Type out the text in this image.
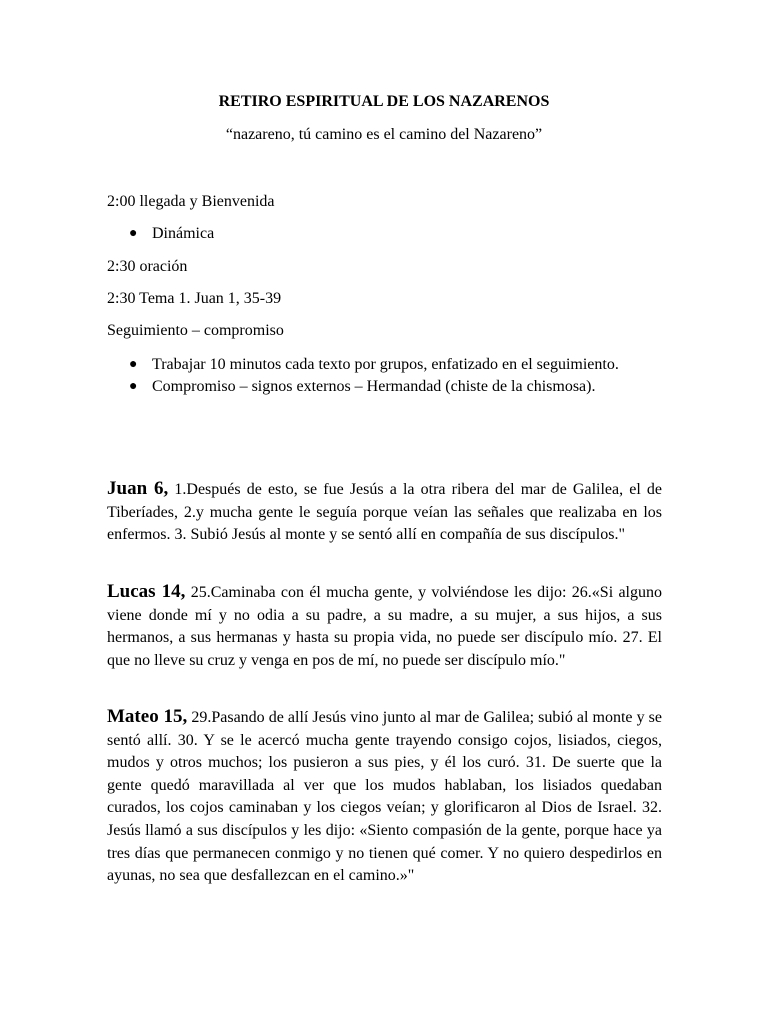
RETIRO ESPIRITUAL DE LOS NAZARENOS
“nazareno, tú camino es el camino del Nazareno”

2:00 llegada y Bienvenida

● Dinámica

2:30 oración

2:30 Tema 1. Juan 1, 35-39

Seguimiento – compromiso

● Trabajar 10 minutos cada texto por grupos, enfatizado en el seguimiento.
● Compromiso – signos externos – Hermandad (chiste de la chismosa).

Juan 6, 1.Después de esto, se fue Jesús a la otra ribera del mar de Galilea, el de Tiberíades, 2.y mucha gente le seguía porque veían las señales que realizaba en los enfermos. 3. Subió Jesús al monte y se sentó allí en compañía de sus discípulos."

Lucas 14, 25.Caminaba con él mucha gente, y volviéndose les dijo: 26.«Si alguno viene donde mí y no odia a su padre, a su madre, a su mujer, a sus hijos, a sus hermanos, a sus hermanas y hasta su propia vida, no puede ser discípulo mío. 27. El que no lleve su cruz y venga en pos de mí, no puede ser discípulo mío."

Mateo 15, 29.Pasando de allí Jesús vino junto al mar de Galilea; subió al monte y se sentó allí. 30. Y se le acercó mucha gente trayendo consigo cojos, lisiados, ciegos, mudos y otros muchos; los pusieron a sus pies, y él los curó. 31. De suerte que la gente quedó maravillada al ver que los mudos hablaban, los lisiados quedaban curados, los cojos caminaban y los ciegos veían; y glorificaron al Dios de Israel. 32. Jesús llamó a sus discípulos y les dijo: «Siento compasión de la gente, porque hace ya tres días que permanecen conmigo y no tienen qué comer. Y no quiero despedirlos en ayunas, no sea que desfallezcan en el camino.»"
